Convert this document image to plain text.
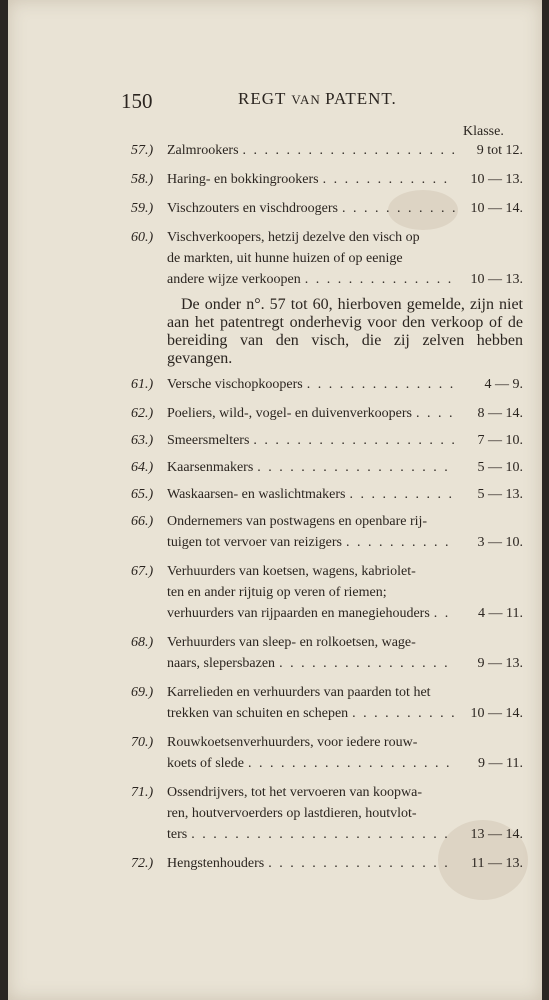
150	REGT VAN PATENT.
Klasse.
57.) Zalmrookers . . .	9 tot 12.
58.) Haring- en bokkingrookers . . .	10 — 13.
59.) Vischzouters en vischdroogers . . .	10 — 14.
60.) Vischverkoopers, hetzij dezelve den visch op
de markten, uit hunne huizen of op eenige
andere wijze verkoopen . . .	10 — 13.
De onder n°. 57 tot 60, hierboven gemelde, zijn niet aan het patentregt onderhevig voor den verkoop of de bereiding van den visch, die zij zelven hebben gevangen.
61.) Versche vischopkoopers . . .	4 — 9.
62.) Poeliers, wild-, vogel- en duivenverkoopers . . .	8 — 14.
63.) Smeersmelters . . .	7 — 10.
64.) Kaarsenmakers . . .	5 — 10.
65.) Waskaarsen- en waslichtmakers . . .	5 — 13.
66.) Ondernemers van postwagens en openbare rij-
tuigen tot vervoer van reizigers . . .	3 — 10.
67.) Verhuurders van koetsen, wagens, kabriolet-
ten en ander rijtuig op veren of riemen;
verhuurders van rijpaarden en manegiehouders . . .	4 — 11.
68.) Verhuurders van sleep- en rolkoetsen, wage-
naars, slepersbazen . . .	9 — 13.
69.) Karrelieden en verhuurders van paarden tot het
trekken van schuiten en schepen . . .	10 — 14.
70.) Rouwkoetsenverhuurders, voor iedere rouw-
koets of slede . . .	9 — 11.
71.) Ossendrijvers, tot het vervoeren van koopwa-
ren, houtvervoerders op lastdieren, houtvlot-
ters . . .	13 — 14.
72.) Hengstenhouders . . .	11 — 13.
